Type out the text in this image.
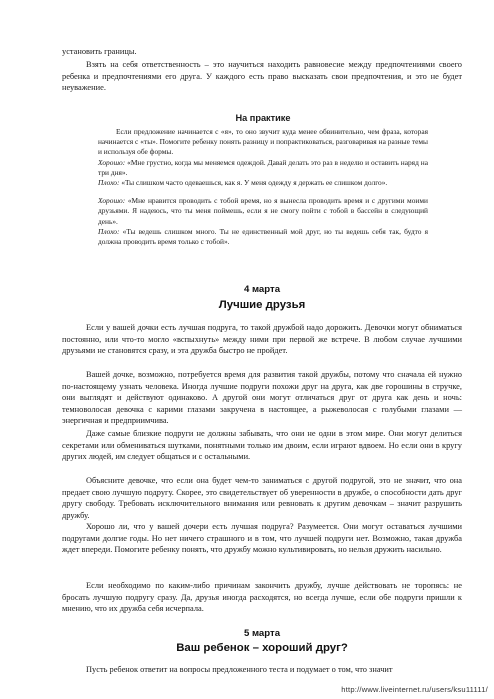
установить границы.

Взять на себя ответственность – это научиться находить равновесие между предпочтениями своего ребенка и предпочтениями его друга. У каждого есть право высказать свои предпочтения, и это не будет неуважение.

На практике

Если предложение начинается с «я», то оно звучит куда менее обвинительно, чем фраза, которая начинается с «ты». Помогите ребенку понять разницу и попрактиковаться, разговаривая на разные темы и используя обе формы.

Хорошо: «Мне грустно, когда мы меняемся одеждой. Давай делать это раз в неделю и оставить наряд на три дня».

Плохо: «Ты слишком часто одеваешься, как я. У меня одежду я держать ее слишком долго».

Хорошо: «Мне нравится проводить с тобой время, но я вынесла проводить время и с другими моими друзьями. Я надеюсь, что ты меня поймешь, если я не смогу пойти с тобой в бассейн в следующий день».

Плохо: «Ты ведешь слишком много. Ты не единственный мой друг, но ты ведешь себя так, будто я должна проводить время только с тобой».

4 марта
Лучшие друзья

Если у вашей дочки есть лучшая подруга, то такой дружбой надо дорожить. Девочки могут обниматься постоянно, или что-то могло «вспыхнуть» между ними при первой же встрече. В любом случае лучшими друзьями не становятся сразу, и эта дружба быстро не пройдет.

Вашей дочке, возможно, потребуется время для развития такой дружбы, потому что сначала ей нужно по-настоящему узнать человека. Иногда лучшие подруги похожи друг на друга, как две горошины в стручке, они выглядят и действуют одинаково. А другой они могут отличаться друг от друга как день и ночь: темноволосая девочка с карими глазами закручена в настоящее, а рыжеволосая с голубыми глазами — энергичная и предприимчива.

Даже самые близкие подруги не должны забывать, что они не одни в этом мире. Они могут делиться секретами или обмениваться шутками, понятными только им двоим, если играют вдвоем. Но если они в кругу других людей, им следует общаться и с остальными.

Объясните девочке, что если она будет чем-то заниматься с другой подругой, это не значит, что она предает свою лучшую подругу. Скорее, это свидетельствует об уверенности в дружбе, о способности дать друг другу свободу. Требовать исключительного внимания или ревновать к другим девочкам – значит разрушить дружбу.

Хорошо ли, что у вашей дочери есть лучшая подруга? Разумеется. Они могут оставаться лучшими подругами долгие годы. Но нет ничего страшного и в том, что лучшей подруги нет. Возможно, такая дружба ждет впереди. Помогите ребенку понять, что дружбу можно культивировать, но нельзя дружить насильно.

Если необходимо по каким-либо причинам закончить дружбу, лучше действовать не торопясь: не бросать лучшую подругу сразу. Да, друзья иногда расходятся, но всегда лучше, если обе подруги пришли к мнению, что их дружба себя исчерпала.

5 марта
Ваш ребенок – хороший друг?

Пусть ребенок ответит на вопросы предложенного теста и подумает о том, что значит

http://www.liveinternet.ru/users/ksu11111/
